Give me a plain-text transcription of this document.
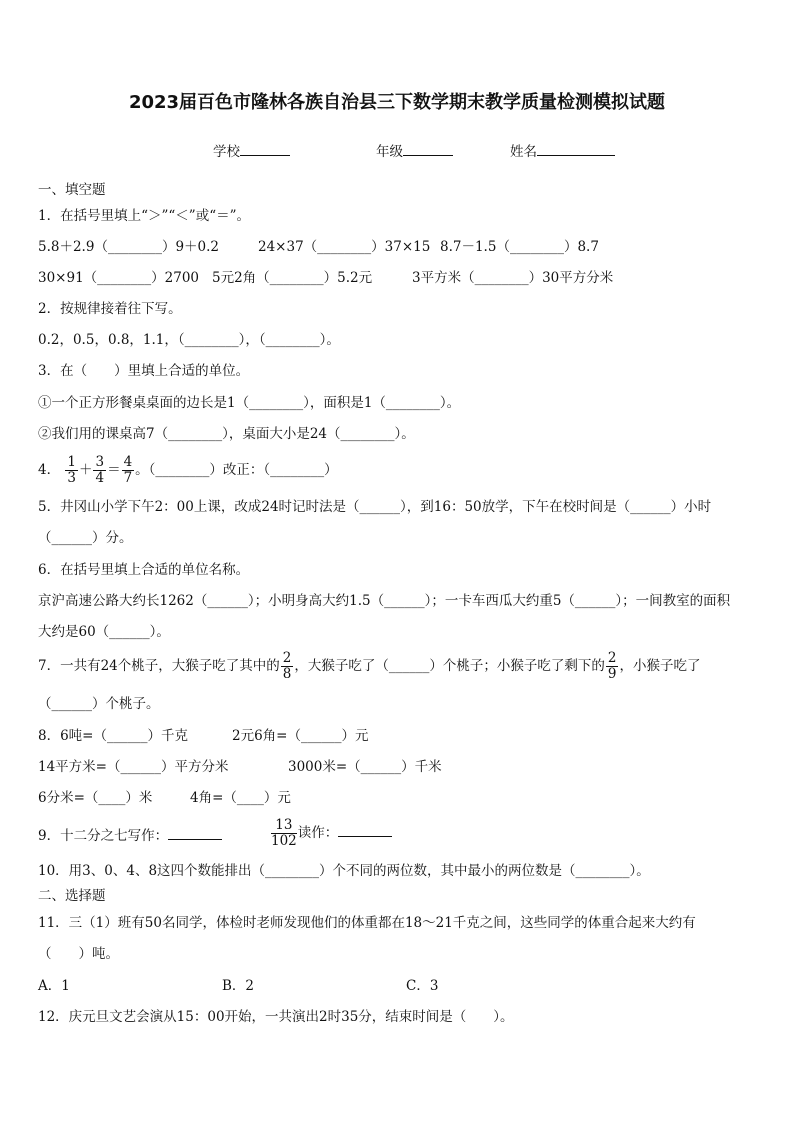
2023届百色市隆林各族自治县三下数学期末教学质量检测模拟试题
学校	年级	姓名
一、填空题
1．在括号里填上“＞”“＜”或“＝”。
5.8＋2.9（________）9＋0.2	24×37（________）37×15 8.7－1.5（________）8.7
30×91（________）2700 5元2角（________）5.2元	3平方米（________）30平方分米
2．按规律接着往下写。
0.2，0.5，0.8，1.1，（________），（________）。
3．在（　　）里填上合适的单位。
①一个正方形餐桌桌面的边长是1（________），面积是1（________）。
②我们用的课桌高7（________），桌面大小是24（________）。
4． $\frac{1}{3} + \frac{3}{4} = \frac{4}{7}$ 。（________）改正：（________）
5．井冈山小学下午2：00上课，改成24时记时法是（______），到16：50放学，下午在校时间是（______）小时
（______）分。
6．在括号里填上合适的单位名称。
京沪高速公路大约长1262（______）；小明身高大约1.5（______）；一卡车西瓜大约重5（______）；一间教室的面积
大约是60（______）。
7．一共有24个桃子，大猴子吃了其中的 $\frac{2}{8}$ ，大猴子吃了（______）个桃子；小猴子吃了剩下的 $\frac{2}{9}$ ，小猴子吃了
（______）个桃子。
8．6吨=（______）千克	2元6角=（______）元
14平方米=（______）平方分米	3000米=（______）千米
6分米=（____）米	4角=（____）元
9．十二分之七写作：	$\frac{13}{102}$ 读作：
10．用3、0、4、8这四个数能排出（________）个不同的两位数，其中最小的两位数是（________）。
二、选择题
11．三（1）班有50名同学，体检时老师发现他们的体重都在18～21千克之间，这些同学的体重合起来大约有
（　　）吨。
A．1	B．2	C．3
12．庆元旦文艺会演从15：00开始，一共演出2时35分，结束时间是（　　）。
